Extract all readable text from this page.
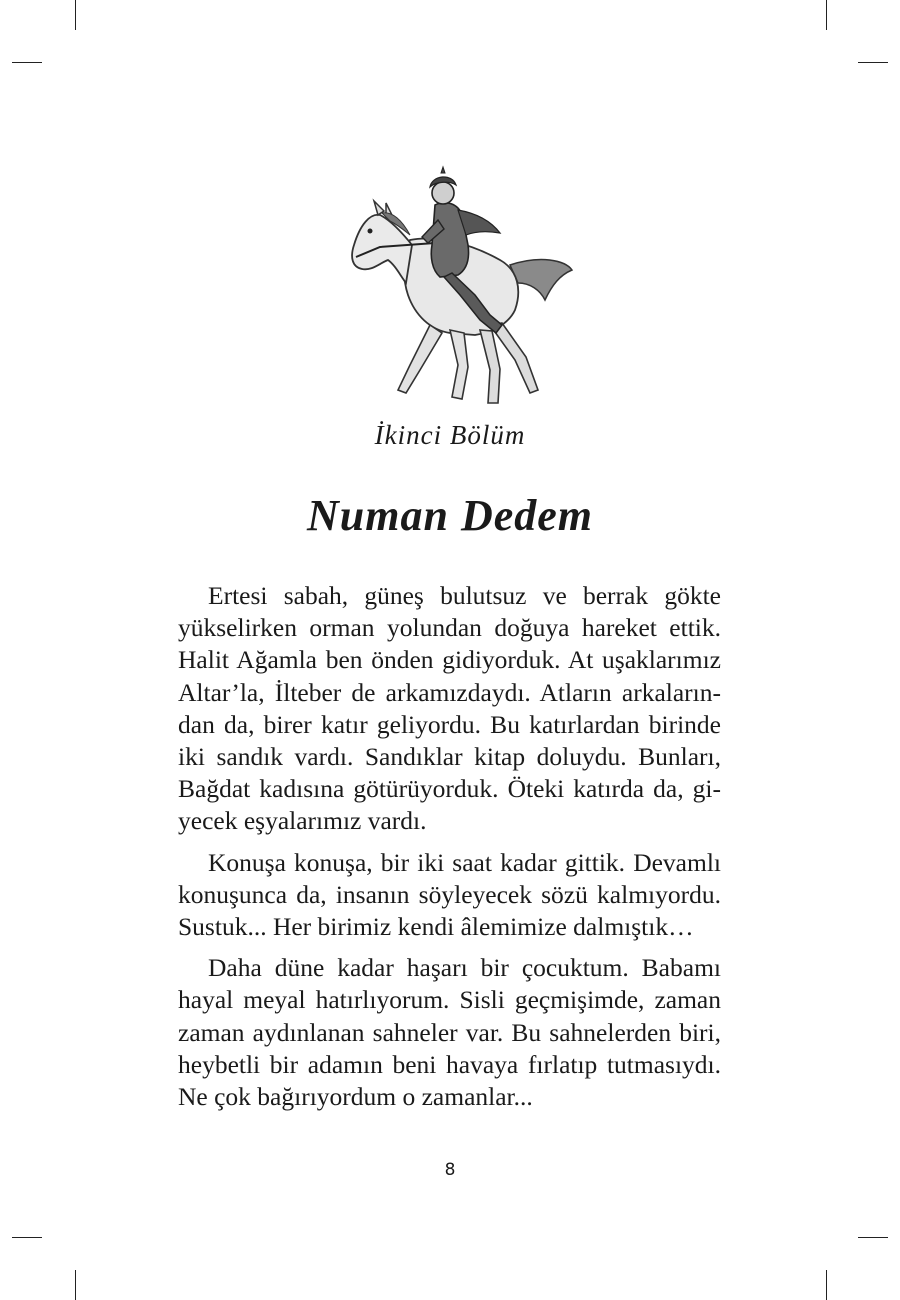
İkinci Bölüm
Numan Dedem

Ertesi sabah, güneş bulutsuz ve berrak gökte
yükselirken orman yolundan doğuya hareket ettik.
Halit Ağamla ben önden gidiyorduk. At uşaklarımız
Altar’la, İlteber de arkamızdaydı. Atların arkaların-
dan da, birer katır geliyordu. Bu katırlardan birinde
iki sandık vardı. Sandıklar kitap doluydu. Bunları,
Bağdat kadısına götürüyorduk. Öteki katırda da, gi-
yecek eşyalarımız vardı.

Konuşa konuşa, bir iki saat kadar gittik. Devamlı
konuşunca da, insanın söyleyecek sözü kalmıyordu.
Sustuk... Her birimiz kendi âlemimize dalmıştık…

Daha düne kadar haşarı bir çocuktum. Babamı
hayal meyal hatırlıyorum. Sisli geçmişimde, zaman
zaman aydınlanan sahneler var. Bu sahnelerden biri,
heybetli bir adamın beni havaya fırlatıp tutmasıydı.
Ne çok bağırıyordum o zamanlar...

8
